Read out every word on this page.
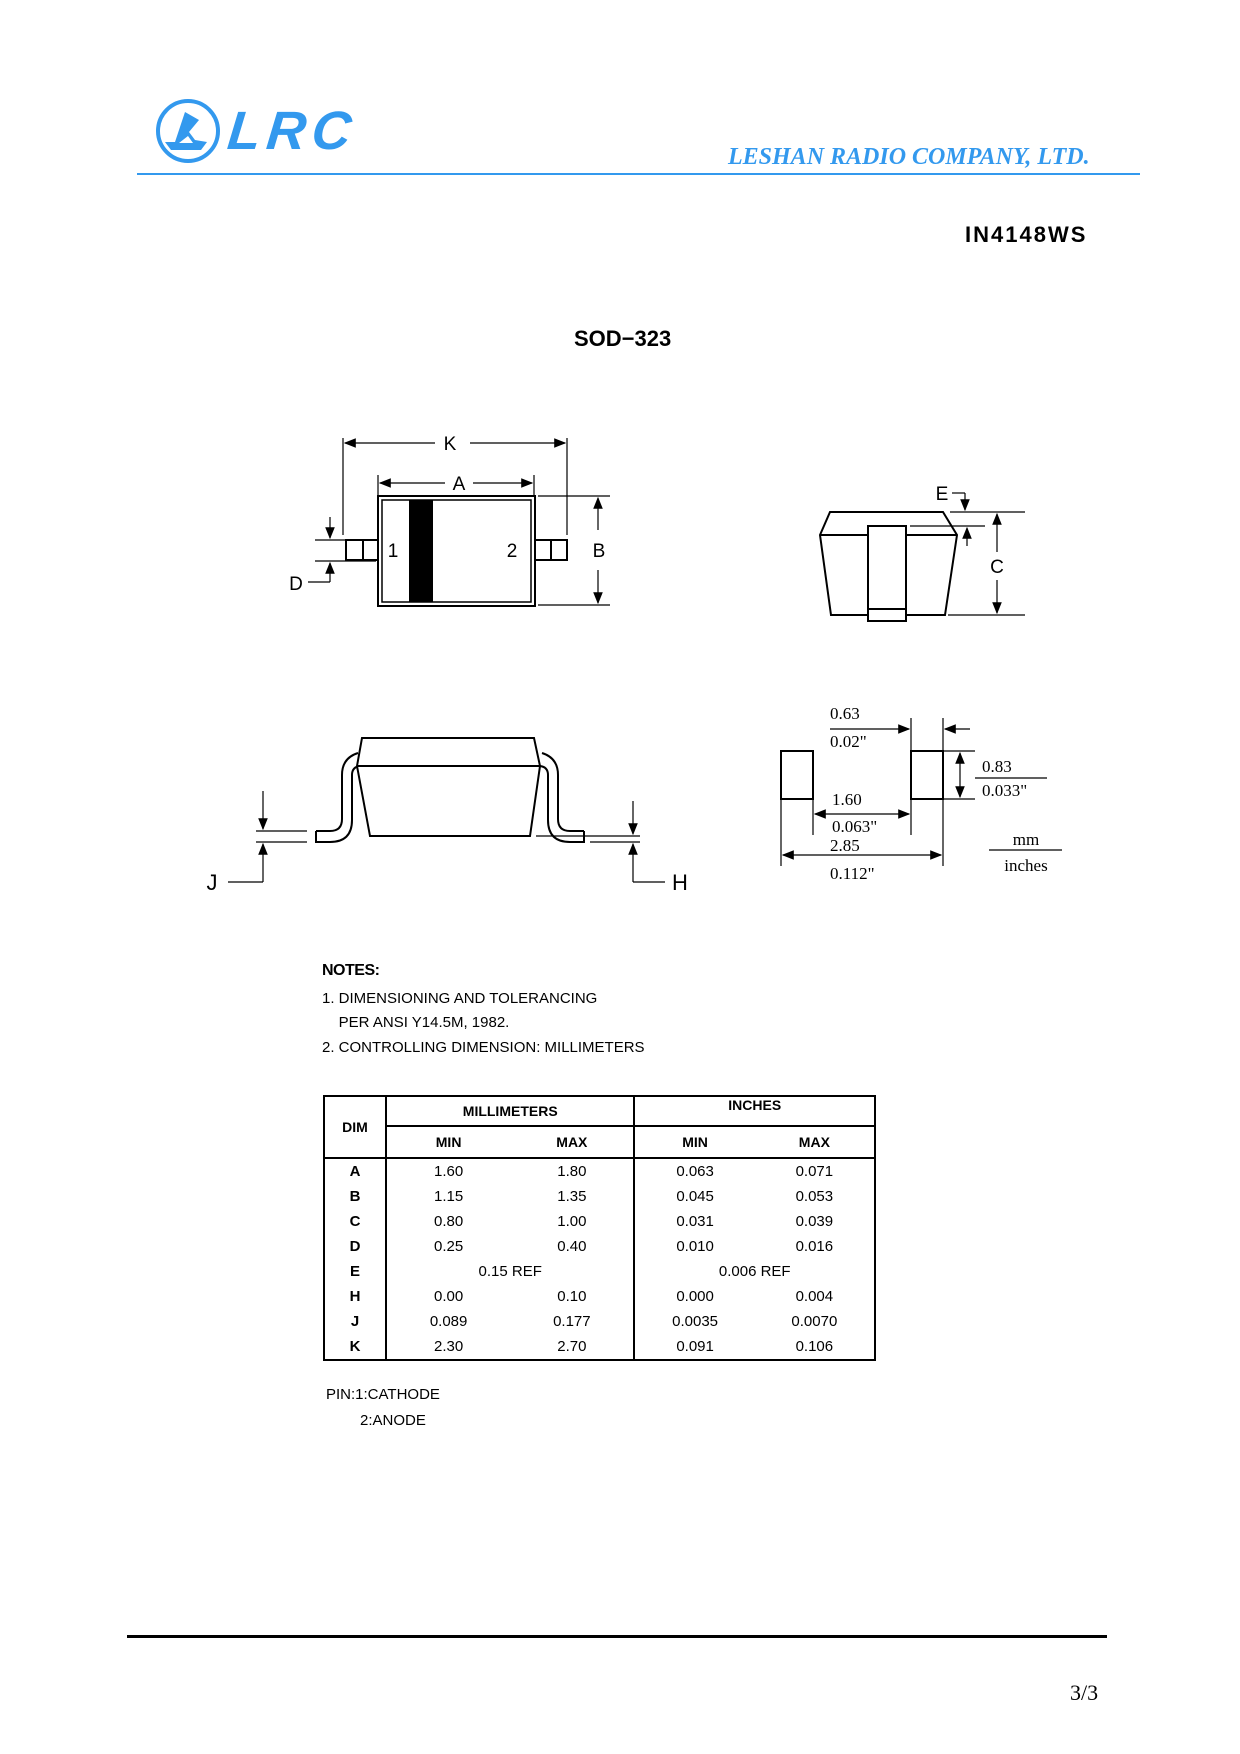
LRC	LESHAN RADIO COMPANY, LTD.
IN4148WS
SOD−323
K
A
B
D
1	2
E
C
J	H
0.63
0.02"
0.83
0.033"
1.60
0.063"
2.85
0.112"
mm
inches
NOTES:
1. DIMENSIONING AND TOLERANCING
PER ANSI Y14.5M, 1982.
2. CONTROLLING DIMENSION: MILLIMETERS
DIM	MILLIMETERS		INCHES	
	MIN	MAX	MIN	MAX
A	1.60	1.80	0.063	0.071
B	1.15	1.35	0.045	0.053
C	0.80	1.00	0.031	0.039
D	0.25	0.40	0.010	0.016
E	0.15 REF		0.006 REF	
H	0.00	0.10	0.000	0.004
J	0.089	0.177	0.0035	0.0070
K	2.30	2.70	0.091	0.106
PIN:1:CATHODE
2:ANODE
3/3
